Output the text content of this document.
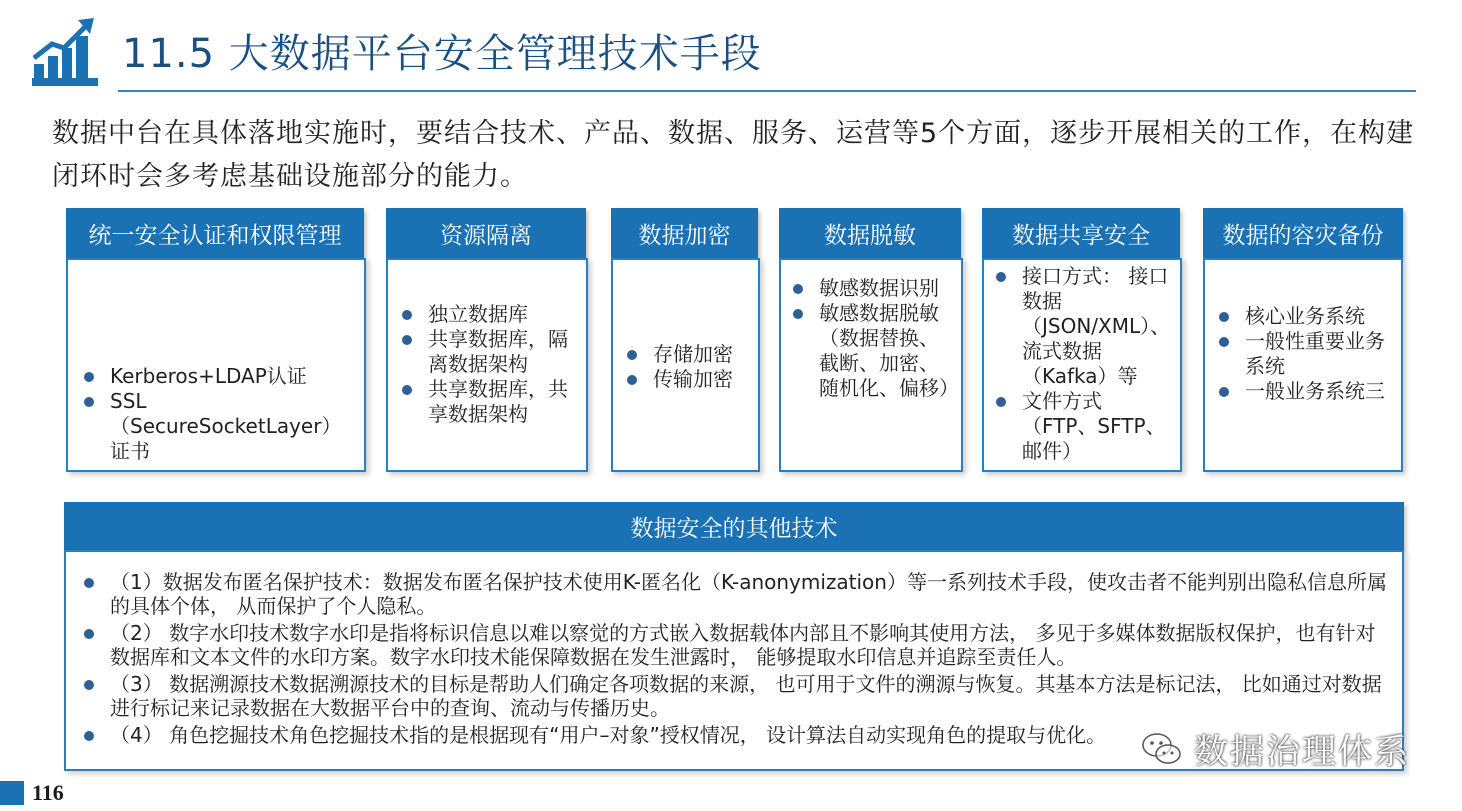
11.5 大数据平台安全管理技术手段
数据中台在具体落地实施时，要结合技术、产品、数据、服务、运营等5个方面，逐步开展相关的工作，在构建闭环时会多考虑基础设施部分的能力。
统一安全认证和权限管理
Kerberos+LDAP认证
SSL（SecureSocketLayer）证书
资源隔离
独立数据库
共享数据库，隔离数据架构
共享数据库，共享数据架构
数据加密
存储加密
传输加密
数据脱敏
敏感数据识别
敏感数据脱敏（数据替换、截断、加密、随机化、偏移）
数据共享安全
接口方式： 接口数据（JSON/XML）、流式数据（Kafka）等
文件方式（FTP、SFTP、邮件）
数据的容灾备份
核心业务系统
一般性重要业务系统
一般业务系统三
数据安全的其他技术
（1）数据发布匿名保护技术：数据发布匿名保护技术使用K-匿名化（K-anonymization）等一系列技术手段，使攻击者不能判别出隐私信息所属的具体个体， 从而保护了个人隐私。
（2） 数字水印技术数字水印是指将标识信息以难以察觉的方式嵌入数据载体内部且不影响其使用方法， 多见于多媒体数据版权保护，也有针对数据库和文本文件的水印方案。数字水印技术能保障数据在发生泄露时， 能够提取水印信息并追踪至责任人。
（3） 数据溯源技术数据溯源技术的目标是帮助人们确定各项数据的来源， 也可用于文件的溯源与恢复。其基本方法是标记法， 比如通过对数据进行标记来记录数据在大数据平台中的查询、流动与传播历史。
（4） 角色挖掘技术角色挖掘技术指的是根据现有“用户–对象”授权情况， 设计算法自动实现角色的提取与优化。	数据治理体系
116
